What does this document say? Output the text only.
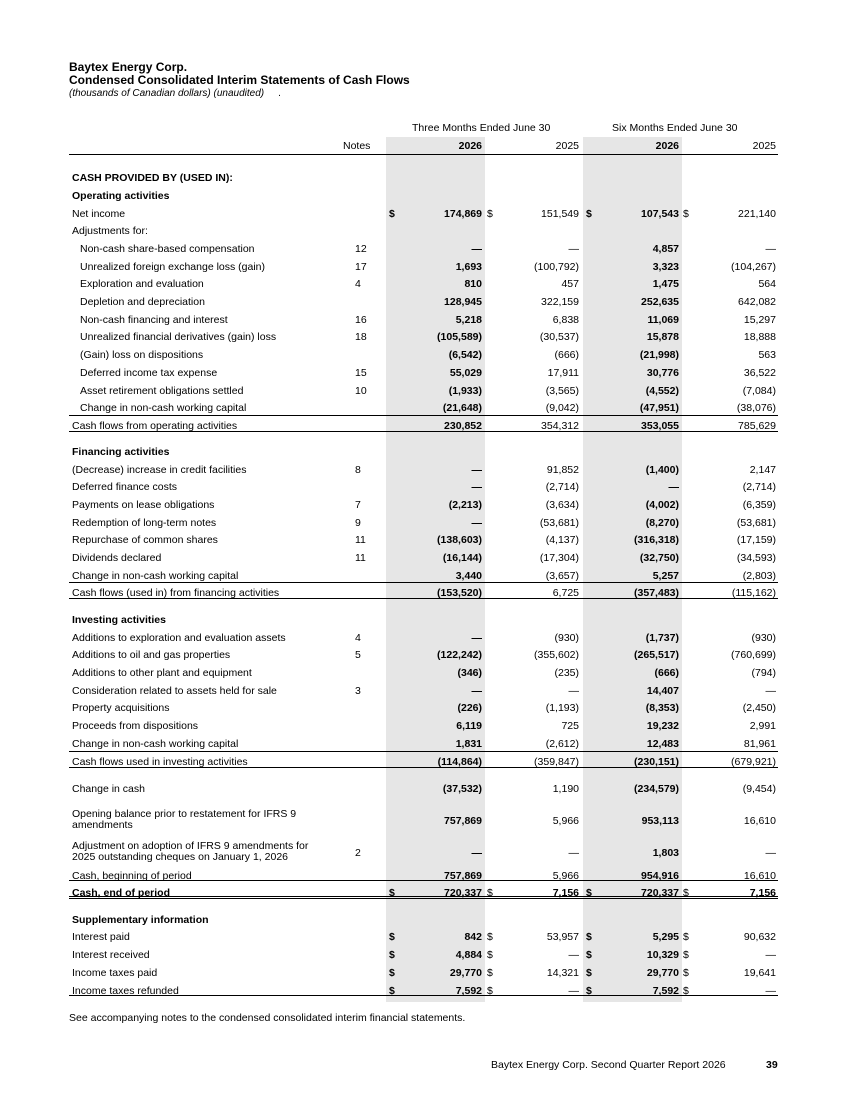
Baytex Energy Corp.
Condensed Consolidated Interim Statements of Cash Flows
(thousands of Canadian dollars) (unaudited) .
Three Months Ended June 30	Six Months Ended June 30
Notes	2026	2025	2026	2025
CASH PROVIDED BY (USED IN):
Operating activities
Net income	$	174,869 $	151,549 $	107,543 $	221,140
Adjustments for:
Non-cash share-based compensation	12	—	—	4,857	—
Unrealized foreign exchange loss (gain)	17	1,693	(100,792)	3,323	(104,267)
Exploration and evaluation	4	810	457	1,475	564
Depletion and depreciation	128,945	322,159	252,635	642,082
Non-cash financing and interest	16	5,218	6,838	11,069	15,297
Unrealized financial derivatives (gain) loss	18	(105,589)	(30,537)	15,878	18,888
(Gain) loss on dispositions	(6,542)	(666)	(21,998)	563
Deferred income tax expense	15	55,029	17,911	30,776	36,522
Asset retirement obligations settled	10	(1,933)	(3,565)	(4,552)	(7,084)
Change in non-cash working capital	(21,648)	(9,042)	(47,951)	(38,076)
Cash flows from operating activities	230,852	354,312	353,055	785,629
Financing activities
(Decrease) increase in credit facilities	8	—	91,852	(1,400)	2,147
Deferred finance costs	—	(2,714)	—	(2,714)
Payments on lease obligations	7	(2,213)	(3,634)	(4,002)	(6,359)
Redemption of long-term notes	9	—	(53,681)	(8,270)	(53,681)
Repurchase of common shares	11	(138,603)	(4,137)	(316,318)	(17,159)
Dividends declared	11	(16,144)	(17,304)	(32,750)	(34,593)
Change in non-cash working capital	3,440	(3,657)	5,257	(2,803)
Cash flows (used in) from financing activities	(153,520)	6,725	(357,483)	(115,162)
Investing activities
Additions to exploration and evaluation assets	4	—	(930)	(1,737)	(930)
Additions to oil and gas properties	5	(122,242)	(355,602)	(265,517)	(760,699)
Additions to other plant and equipment	(346)	(235)	(666)	(794)
Consideration related to assets held for sale	3	—	—	14,407	—
Property acquisitions	(226)	(1,193)	(8,353)	(2,450)
Proceeds from dispositions	6,119	725	19,232	2,991
Change in non-cash working capital	1,831	(2,612)	12,483	81,961
Cash flows used in investing activities	(114,864)	(359,847)	(230,151)	(679,921)
Change in cash	(37,532)	1,190	(234,579)	(9,454)
Opening balance prior to restatement for IFRS 9
amendments	757,869	5,966	953,113	16,610
Adjustment on adoption of IFRS 9 amendments for
2025 outstanding cheques on January 1, 2026	2	—	—	1,803	—
Cash, beginning of period	757,869	5,966	954,916	16,610
Cash, end of period	$	720,337 $	7,156 $	720,337 $	7,156
Supplementary information
Interest paid	$	842 $	53,957 $	5,295 $	90,632
Interest received	$	4,884 $	— $	10,329 $	—
Income taxes paid	$	29,770 $	14,321 $	29,770 $	19,641
Income taxes refunded	$	7,592 $	— $	7,592 $	—
See accompanying notes to the condensed consolidated interim financial statements.
Baytex Energy Corp. Second Quarter Report 2026	39
